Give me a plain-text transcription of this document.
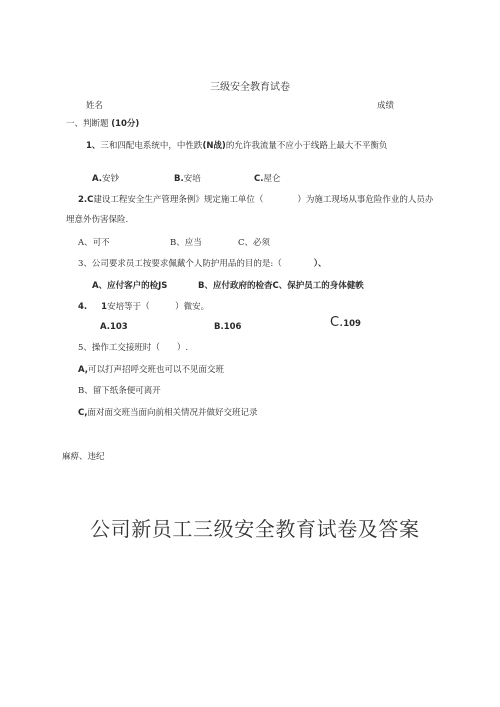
三级安全教育试卷
姓名	成绩
一、判断题 (10分)
1、三和四配电系统中，中性跌(N战)的允许我流量不应小于线路上最大不平衡负
A.安钞	B.安培	C.屋仑
2.C建设工程安全生产管理条例》规定施工单位（　　　　）为施工现场从事危险作业的人员办
埋意外伤害保险.
A、可不	B、应当	C、必须
3、公司要求员工按要求佩戴个人防护用品的目的是:（	）、
A、应付客户的检JS	B、应付政府的检杳C、保护员工的身体健帙
4. 1安培等于（　　　）微安。
A.103	B.106	C.109
5、操作工交接班时（　　）.
A,可以打声招呼交班也可以不见面交班
B、留下纸条便可离开
C,面对面交班当面向前相关情况并做好交班记录
麻痹、违纪
公司新员工三级安全教育试卷及答案
